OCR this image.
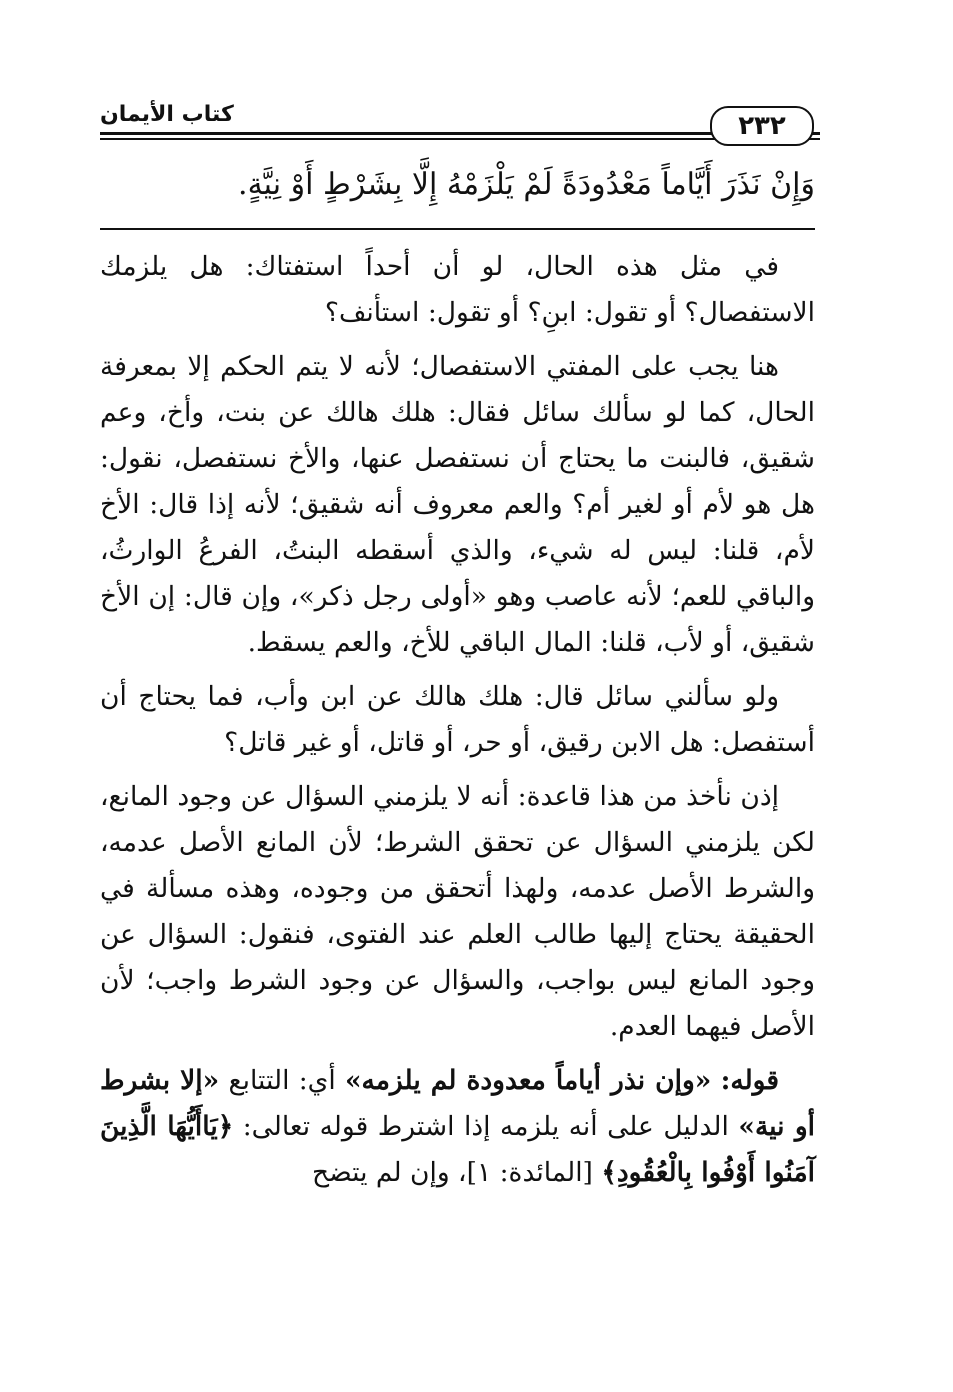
كتاب الأيمان	٢٣٢
وَإِنْ نَذَرَ أَيَّاماً مَعْدُودَةً لَمْ يَلْزَمْهُ إِلَّا بِشَرْطٍ أَوْ نِيَّةٍ.

في مثل هذه الحال، لو أن أحداً استفتاك: هل يلزمك الاستفصال؟ أو تقول: ابنِ؟ أو تقول: استأنف؟

هنا يجب على المفتي الاستفصال؛ لأنه لا يتم الحكم إلا بمعرفة الحال، كما لو سألك سائل فقال: هلك هالك عن بنت، وأخ، وعم شقيق، فالبنت ما يحتاج أن نستفصل عنها، والأخ نستفصل، نقول: هل هو لأم أو لغير أم؟ والعم معروف أنه شقيق؛ لأنه إذا قال: الأخ لأم، قلنا: ليس له شيء، والذي أسقطه البنتُ، الفرعُ الوارثُ، والباقي للعم؛ لأنه عاصب وهو «أولى رجل ذكر»، وإن قال: إن الأخ شقيق، أو لأب، قلنا: المال الباقي للأخ، والعم يسقط.

ولو سألني سائل قال: هلك هالك عن ابن وأب، فما يحتاج أن أستفصل: هل الابن رقيق، أو حر، أو قاتل، أو غير قاتل؟

إذن نأخذ من هذا قاعدة: أنه لا يلزمني السؤال عن وجود المانع، لكن يلزمني السؤال عن تحقق الشرط؛ لأن المانع الأصل عدمه، والشرط الأصل عدمه، ولهذا أتحقق من وجوده، وهذه مسألة في الحقيقة يحتاج إليها طالب العلم عند الفتوى، فنقول: السؤال عن وجود المانع ليس بواجب، والسؤال عن وجود الشرط واجب؛ لأن الأصل فيهما العدم.

قوله: «وإن نذر أياماً معدودة لم يلزمه» أي: التتابع «إلا بشرط أو نية» الدليل على أنه يلزمه إذا اشترط قوله تعالى: ﴿يَاأَيُّهَا الَّذِينَ آمَنُوا أَوْفُوا بِالْعُقُودِ﴾ [المائدة: ١]، وإن لم يتضح
